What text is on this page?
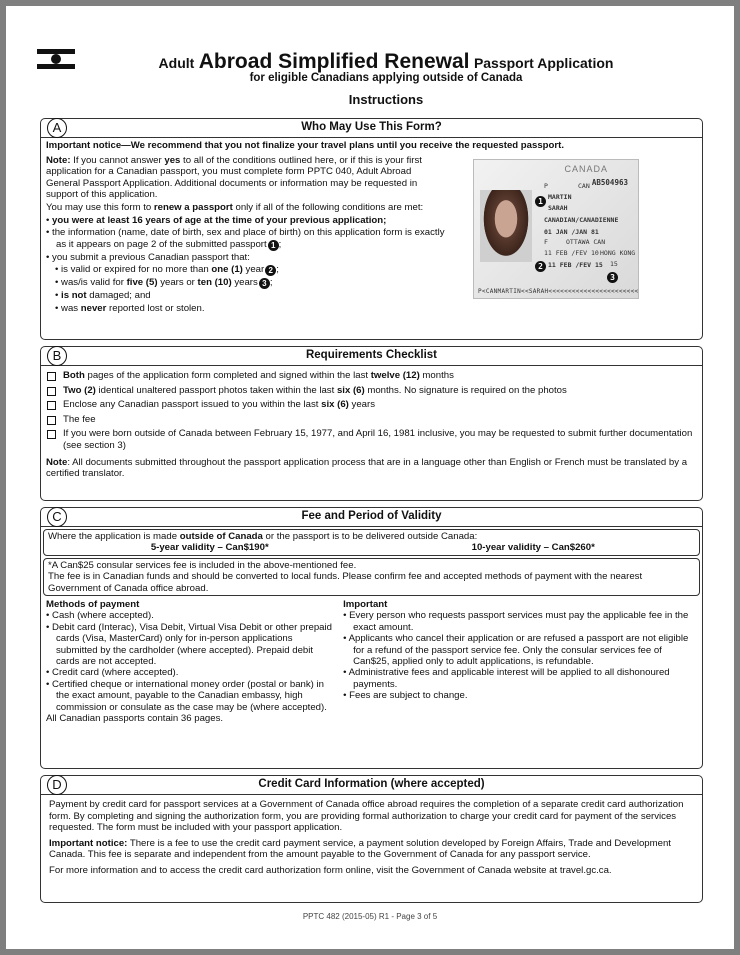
Adult Abroad Simplified Renewal Passport Application
for eligible Canadians applying outside of Canada
Instructions
A	Who May Use This Form?

Important notice—We recommend that you not finalize your travel plans until you receive the requested passport.

Note: If you cannot answer yes to all of the conditions outlined here, or if this is your first application for a Canadian passport, you must complete form PPTC 040, Adult Abroad General Passport Application. Additional documents or information may be requested in support of this application.

You may use this form to renew a passport only if all of the following conditions are met:

• you were at least 16 years of age at the time of your previous application;

• the information (name, date of birth, sex and place of birth) on this application form is exactly as it appears on page 2 of the submitted passport 1 ;

• you submit a previous Canadian passport that:

• is valid or expired for no more than one (1) year 2 ;

• was/is valid for five (5) years or ten (10) years 3 ;

• is not damaged; and

• was never reported lost or stolen.

CANADA
AB504963
P	CAN
1 MARTIN
SARAH
CANADIAN/CANADIENNE
01 JAN /JAN 81
F	OTTAWA CAN
11 FEB /FEV 10 HONG KONG
2 11 FEB /FEV 15 15
3
P<CANMARTIN<<SARAH<<<<<<<<<<<<<<<<<<<<<<<
B	Requirements Checklist
Both pages of the application form completed and signed within the last twelve (12) months
Two (2) identical unaltered passport photos taken within the last six (6) months. No signature is required on the photos
Enclose any Canadian passport issued to you within the last six (6) years
The fee
If you were born outside of Canada between February 15, 1977, and April 16, 1981 inclusive, you may be requested to submit further documentation (see section 3)

Note: All documents submitted throughout the passport application process that are in a language other than English or French must be translated by a certified translator.

C	Fee and Period of Validity

Where the application is made outside of Canada or the passport is to be delivered outside Canada:

5-year validity – Can$190*	10-year validity – Can$260*

*A Can$25 consular services fee is included in the above-mentioned fee.

The fee is in Canadian funds and should be converted to local funds. Please confirm fee and accepted methods of payment with the nearest Government of Canada office abroad.

Methods of payment
• Cash (where accepted).
• Debit card (Interac), Visa Debit, Virtual Visa Debit or other prepaid cards (Visa, MasterCard) only for in-person applications submitted by the cardholder (where accepted). Prepaid debit cards are not accepted.
• Credit card (where accepted).
• Certified cheque or international money order (postal or bank) in the exact amount, payable to the Canadian embassy, high commission or consulate as the case may be (where accepted).
All Canadian passports contain 36 pages.
Important
• Every person who requests passport services must pay the applicable fee in the exact amount.
• Applicants who cancel their application or are refused a passport are not eligible for a refund of the passport service fee. Only the consular services fee of Can$25, applied only to adult applications, is refundable.
• Administrative fees and applicable interest will be applied to all dishonoured payments.
• Fees are subject to change.
D	Credit Card Information (where accepted)

Payment by credit card for passport services at a Government of Canada office abroad requires the completion of a separate credit card authorization form. By completing and signing the authorization form, you are providing formal authorization to charge your credit card for payment of the services requested. The form must be included with your passport application.

Important notice: There is a fee to use the credit card payment service, a payment solution developed by Foreign Affairs, Trade and Development Canada. This fee is separate and independent from the amount payable to the Government of Canada for any passport service.

For more information and to access the credit card authorization form online, visit the Government of Canada website at travel.gc.ca.

PPTC 482 (2015-05) R1 - Page 3 of 5
